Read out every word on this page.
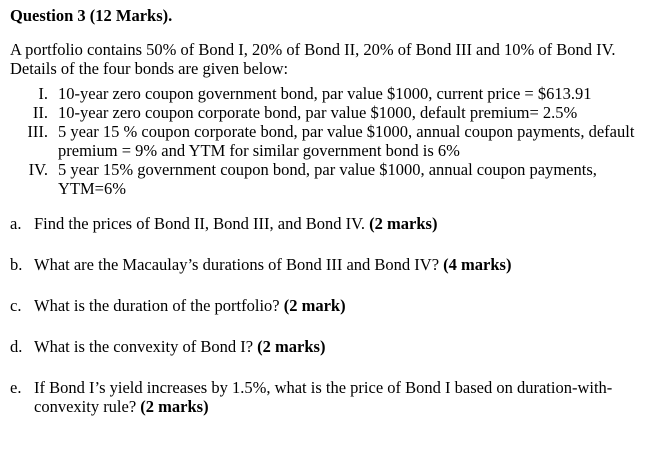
Question 3 (12 Marks).
A portfolio contains 50% of Bond I, 20% of Bond II, 20% of Bond III and 10% of Bond IV. Details of the four bonds are given below:
I. 10-year zero coupon government bond, par value $1000, current price = $613.91
II. 10-year zero coupon corporate bond, par value $1000, default premium= 2.5%
III. 5 year 15 % coupon corporate bond, par value $1000, annual coupon payments, default premium = 9% and YTM for similar government bond is 6%
IV. 5 year 15% government coupon bond, par value $1000, annual coupon payments, YTM=6%
a. Find the prices of Bond II, Bond III, and Bond IV. (2 marks)
b. What are the Macaulay’s durations of Bond III and Bond IV? (4 marks)
c. What is the duration of the portfolio? (2 mark)
d. What is the convexity of Bond I? (2 marks)
e. If Bond I’s yield increases by 1.5%, what is the price of Bond I based on duration-with-convexity rule? (2 marks)
